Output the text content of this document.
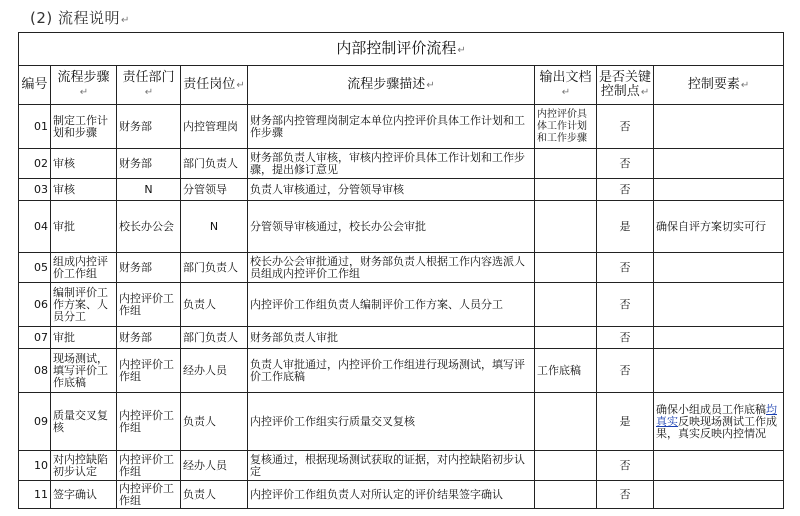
(2) 流程说明↵
内部控制评价流程↵							
编号	流程步骤↵	责任部门↵	责任岗位↵	流程步骤描述↵	输出文档↵	是否关键控制点↵	控制要素↵
01	制定工作计划和步骤	财务部	内控管理岗	财务部内控管理岗制定本单位内控评价具体工作计划和工作步骤	内控评价具体工作计划和工作步骤	否	
02	审核	财务部	部门负责人	财务部负责人审核，审核内控评价具体工作计划和工作步骤，提出修订意见		否	
03	审核	N	分管领导	负责人审核通过，分管领导审核		否	
04	审批	校长办公会	N	分管领导审核通过，校长办公会审批		是	确保自评方案切实可行
05	组成内控评价工作组	财务部	部门负责人	校长办公会审批通过，财务部负责人根据工作内容选派人员组成内控评价工作组		否	
06	编制评价工作方案、人员分工	内控评价工作组	负责人	内控评价工作组负责人编制评价工作方案、人员分工		否	
07	审批	财务部	部门负责人	财务部负责人审批		否	
08	现场测试，填写评价工作底稿	内控评价工作组	经办人员	负责人审批通过，内控评价工作组进行现场测试，填写评价工作底稿	工作底稿	否	
09	质量交叉复核	内控评价工作组	负责人	内控评价工作组实行质量交叉复核		是	确保小组成员工作底稿均真实反映现场测试工作成果，真实反映内控情况
10	对内控缺陷初步认定	内控评价工作组	经办人员	复核通过，根据现场测试获取的证据，对内控缺陷初步认定		否	
11	签字确认	内控评价工作组	负责人	内控评价工作组负责人对所认定的评价结果签字确认		否	
